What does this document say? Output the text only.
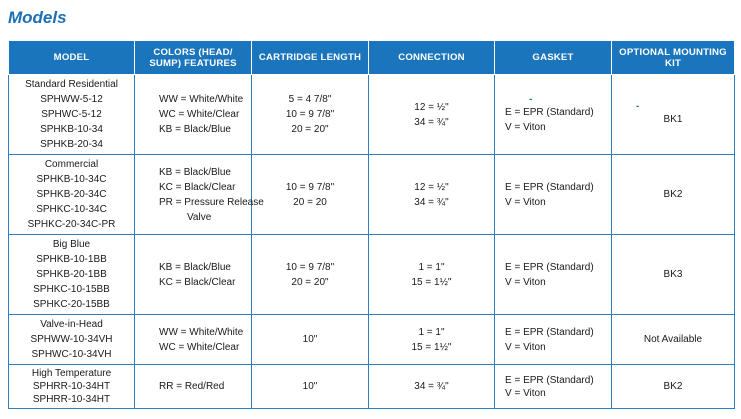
Models
MODEL	COLORS (HEAD/ SUMP) FEATURES	CARTRIDGE LENGTH	CONNECTION	GASKET	OPTIONAL MOUNTING KIT

Standard Residential
SPHWW-5-12
SPHWC-5-12
SPHKB-10-34
SPHKB-20-34	WW = White/White
WC = White/Clear
KB = Black/Blue	5 = 4 7/8"
10 = 9 7/8"
20 = 20"	12 = ½"
34 = ¾"	-
E = EPR (Standard)
V = Viton	-
BK1

Commercial
SPHKB-10-34C
SPHKB-20-34C
SPHKC-10-34C
SPHKC-20-34C-PR	KB = Black/Blue
KC = Black/Clear
PR = Pressure Release
Valve	10 = 9 7/8"
20 = 20	12 = ½"
34 = ¾"	E = EPR (Standard)
V = Viton	BK2

Big Blue
SPHKB-10-1BB
SPHKB-20-1BB
SPHKC-10-15BB
SPHKC-20-15BB	KB = Black/Blue
KC = Black/Clear	10 = 9 7/8"
20 = 20"	1 = 1"
15 = 1½"	E = EPR (Standard)
V = Viton	BK3

Valve-in-Head
SPHWW-10-34VH
SPHWC-10-34VH	WW = White/White
WC = White/Clear	10"	1 = 1"
15 = 1½"	E = EPR (Standard)
V = Viton	Not Available

High Temperature
SPHRR-10-34HT
SPHRR-10-34HT	RR = Red/Red	10"	34 = ¾"	E = EPR (Standard)
V = Viton	BK2
